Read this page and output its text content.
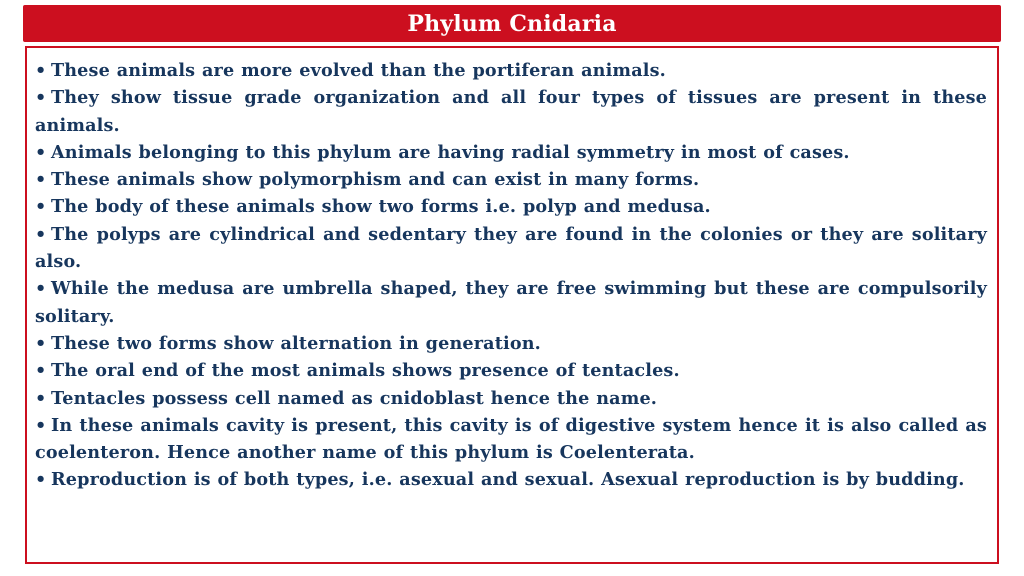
Phylum Cnidaria
• These animals are more evolved than the portiferan animals.
• They show tissue grade organization and all four types of tissues are present in these animals.
• Animals belonging to this phylum are having radial symmetry in most of cases.
• These animals show polymorphism and can exist in many forms.
• The body of these animals show two forms i.e. polyp and medusa.
• The polyps are cylindrical and sedentary they are found in the colonies or they are solitary also.
• While the medusa are umbrella shaped, they are free swimming but these are compulsorily solitary.
• These two forms show alternation in generation.
• The oral end of the most animals shows presence of tentacles.
• Tentacles possess cell named as cnidoblast hence the name.
• In these animals cavity is present, this cavity is of digestive system hence it is also called as coelenteron. Hence another name of this phylum is Coelenterata.
• Reproduction is of both types, i.e. asexual and sexual. Asexual reproduction is by budding.
